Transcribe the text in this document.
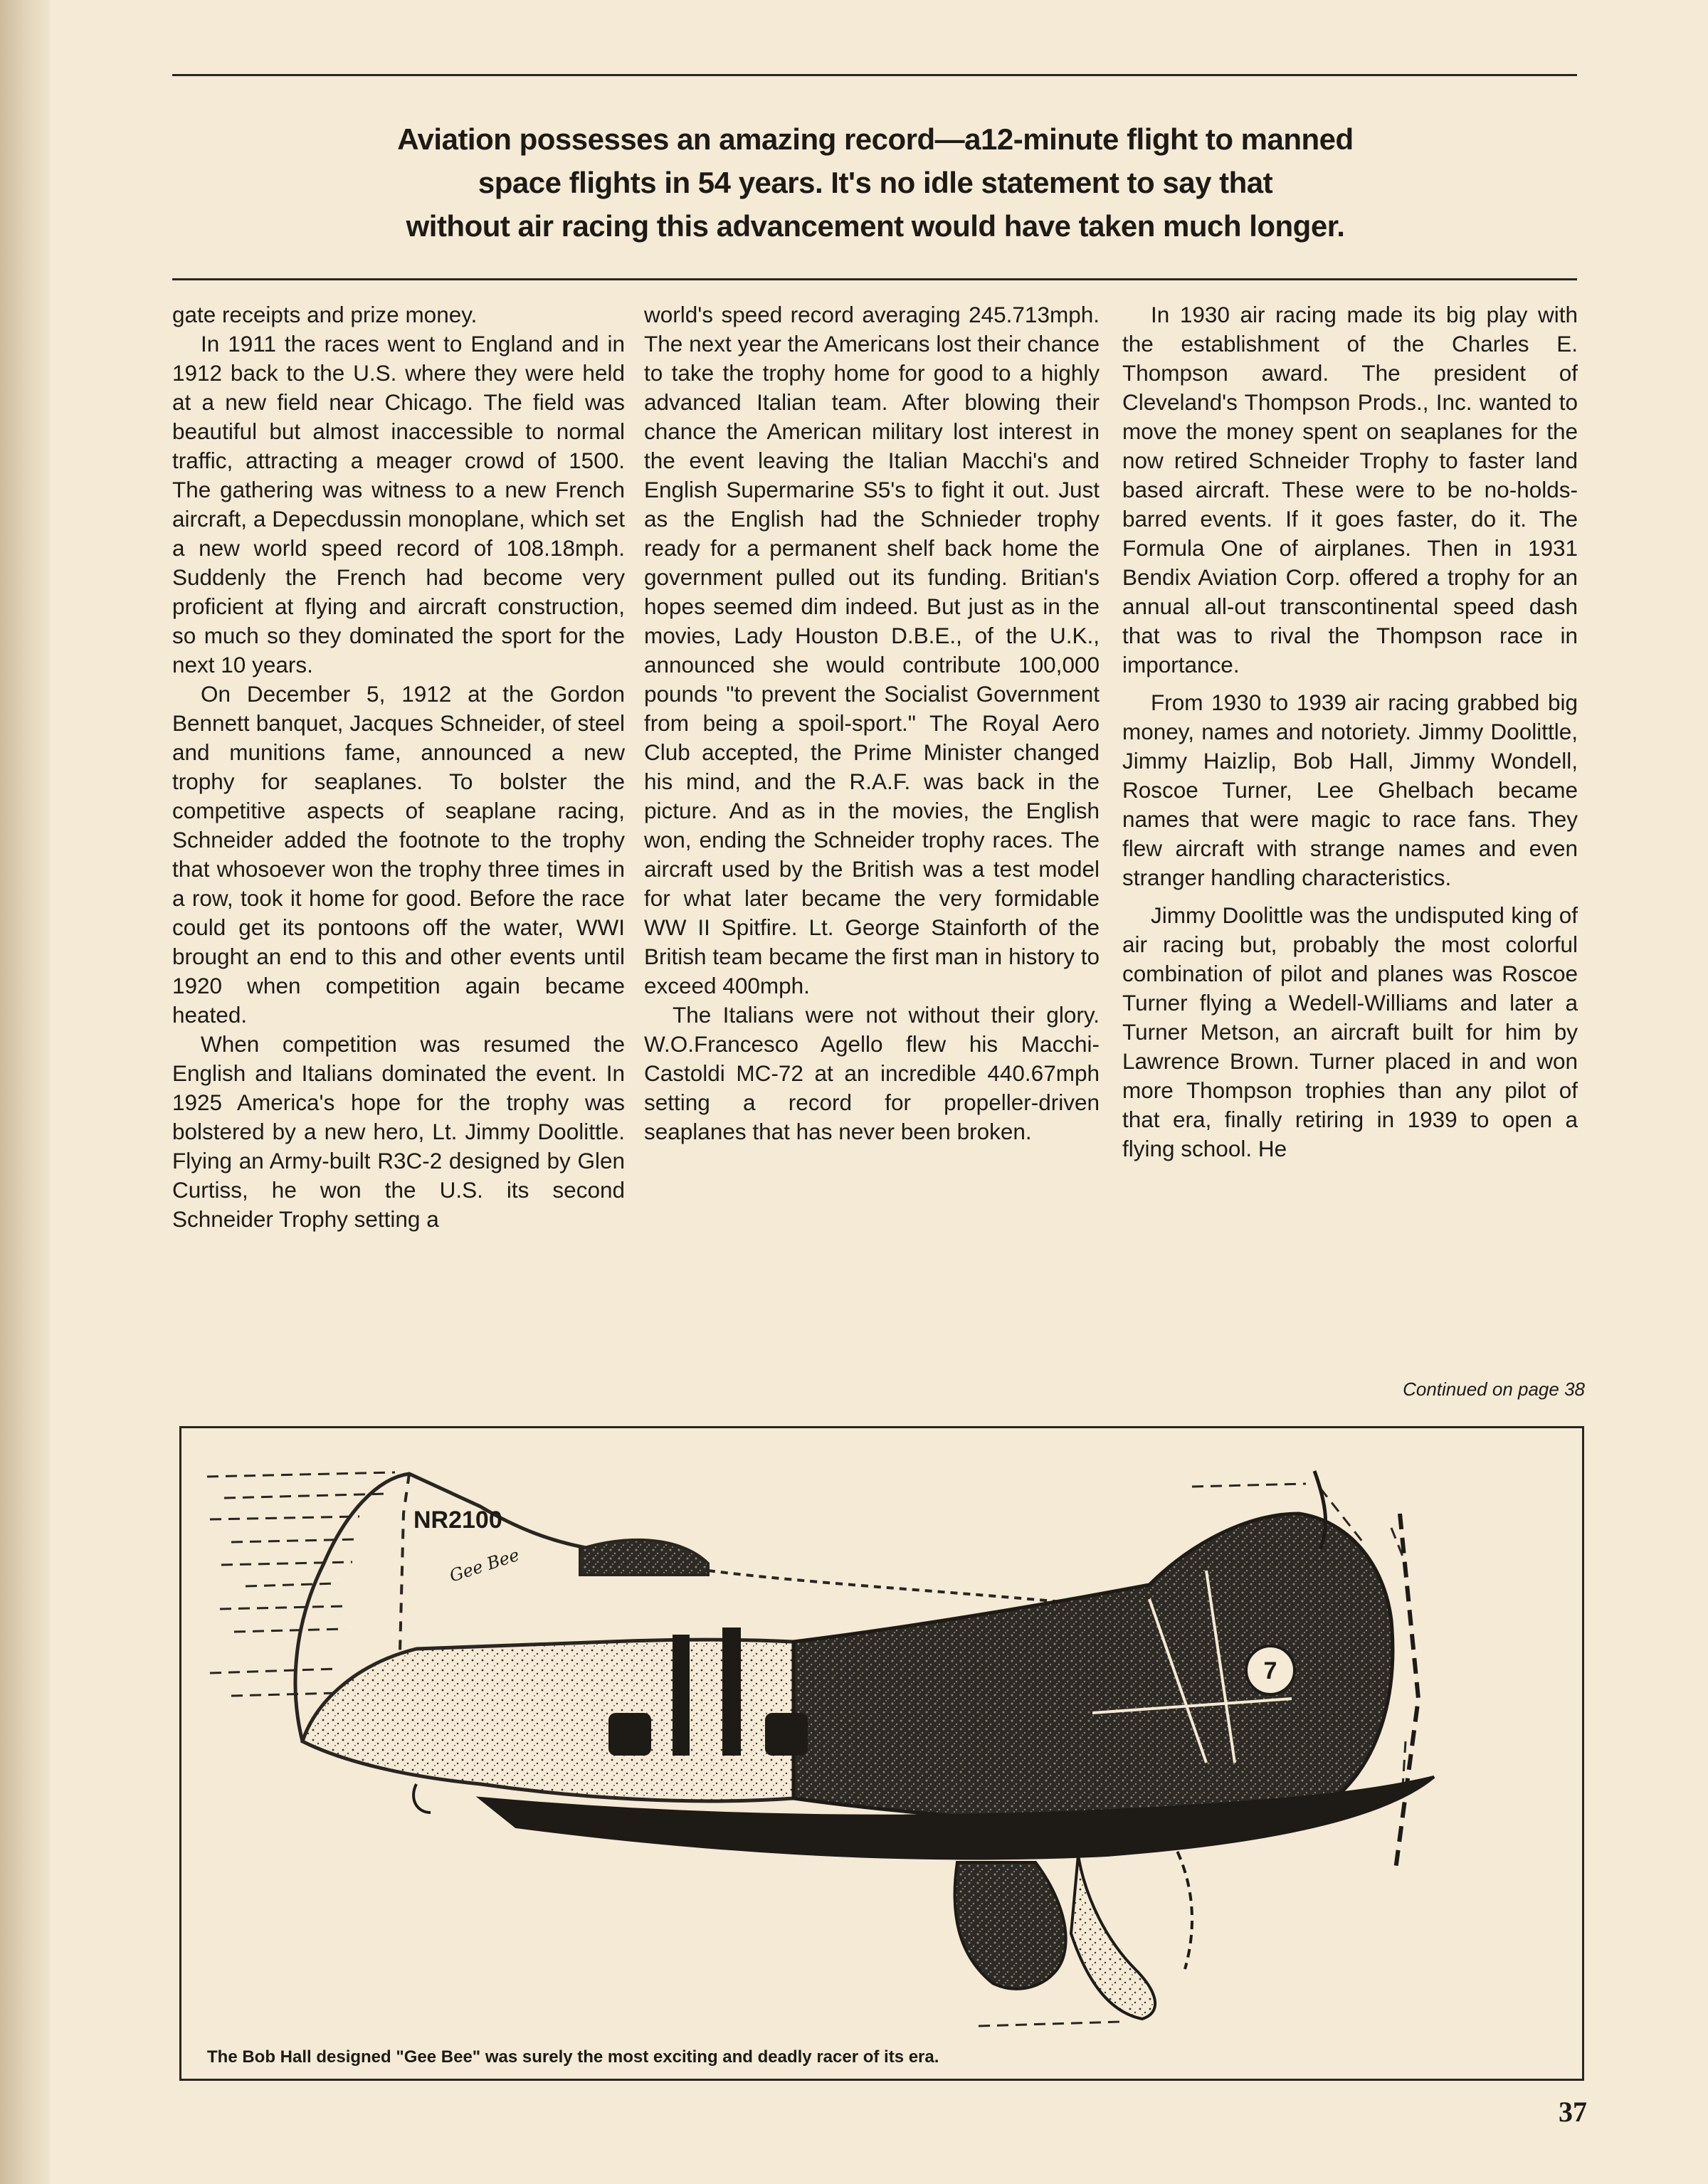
Aviation possesses an amazing record—a12-minute flight to manned
space flights in 54 years. It's no idle statement to say that
without air racing this advancement would have taken much longer.

gate receipts and prize money.

In 1911 the races went to England and in 1912 back to the U.S. where they were held at a new field near Chicago. The field was beautiful but almost inaccessible to normal traffic, attracting a meager crowd of 1500. The gathering was witness to a new French aircraft, a Depecdussin monoplane, which set a new world speed record of 108.18mph. Suddenly the French had become very proficient at flying and aircraft construction, so much so they dominated the sport for the next 10 years.

On December 5, 1912 at the Gordon Bennett banquet, Jacques Schneider, of steel and munitions fame, announced a new trophy for seaplanes. To bolster the competitive aspects of seaplane racing, Schneider added the footnote to the trophy that whosoever won the trophy three times in a row, took it home for good. Before the race could get its pontoons off the water, WWI brought an end to this and other events until 1920 when competition again became heated.

When competition was resumed the English and Italians dominated the event. In 1925 America's hope for the trophy was bolstered by a new hero, Lt. Jimmy Doolittle. Flying an Army-built R3C-2 designed by Glen Curtiss, he won the U.S. its second Schneider Trophy setting a

world's speed record averaging 245.713mph. The next year the Americans lost their chance to take the trophy home for good to a highly advanced Italian team. After blowing their chance the American military lost interest in the event leaving the Italian Macchi's and English Supermarine S5's to fight it out. Just as the English had the Schnieder trophy ready for a permanent shelf back home the government pulled out its funding. Britian's hopes seemed dim indeed. But just as in the movies, Lady Houston D.B.E., of the U.K., announced she would contribute 100,000 pounds "to prevent the Socialist Government from being a spoil-sport." The Royal Aero Club accepted, the Prime Minister changed his mind, and the R.A.F. was back in the picture. And as in the movies, the English won, ending the Schneider trophy races. The aircraft used by the British was a test model for what later became the very formidable WW II Spitfire. Lt. George Stainforth of the British team became the first man in history to exceed 400mph.

The Italians were not without their glory. W.O.Francesco Agello flew his Macchi-Castoldi MC-72 at an incredible 440.67mph setting a record for propeller-driven seaplanes that has never been broken.

In 1930 air racing made its big play with the establishment of the Charles E. Thompson award. The president of Cleveland's Thompson Prods., Inc. wanted to move the money spent on seaplanes for the now retired Schneider Trophy to faster land based aircraft. These were to be no-holds-barred events. If it goes faster, do it. The Formula One of airplanes. Then in 1931 Bendix Aviation Corp. offered a trophy for an annual all-out transcontinental speed dash that was to rival the Thompson race in importance.

From 1930 to 1939 air racing grabbed big money, names and notoriety. Jimmy Doolittle, Jimmy Haizlip, Bob Hall, Jimmy Wondell, Roscoe Turner, Lee Ghelbach became names that were magic to race fans. They flew aircraft with strange names and even stranger handling characteristics.

Jimmy Doolittle was the undisputed king of air racing but, probably the most colorful combination of pilot and planes was Roscoe Turner flying a Wedell-Williams and later a Turner Metson, an aircraft built for him by Lawrence Brown. Turner placed in and won more Thompson trophies than any pilot of that era, finally retiring in 1939 to open a flying school. He

Continued on page 38
NR2100
Gee Bee
7

The Bob Hall designed "Gee Bee" was surely the most exciting and deadly racer of its era.

37
